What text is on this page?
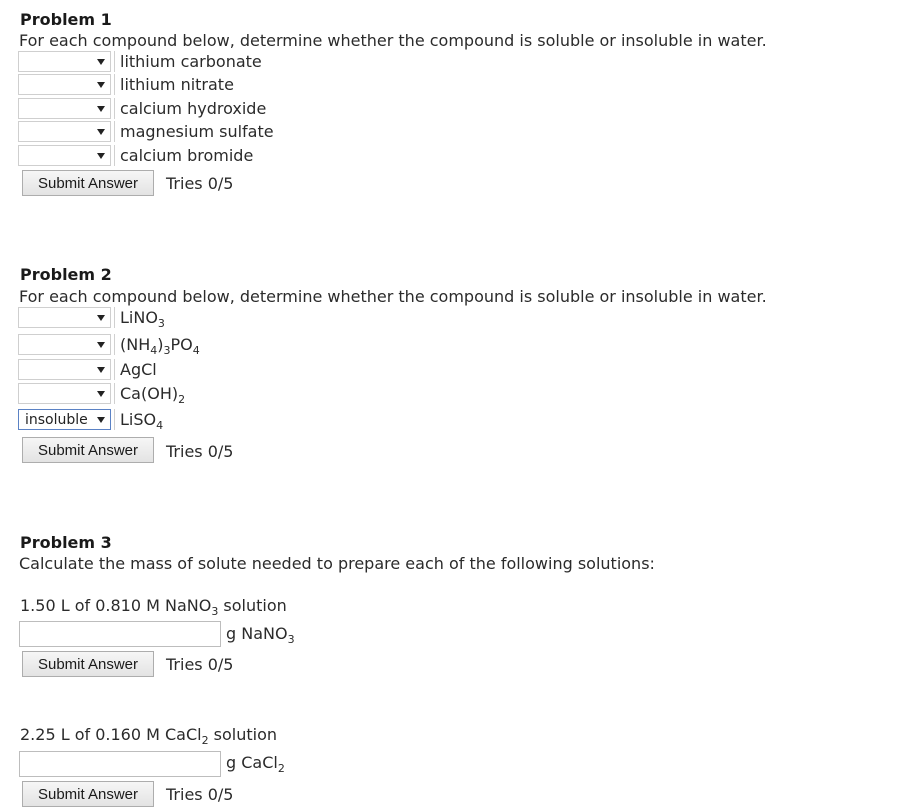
Problem 1
For each compound below, determine whether the compound is soluble or insoluble in water.
lithium carbonate
lithium nitrate
calcium hydroxide
magnesium sulfate
calcium bromide
Submit Answer	Tries 0/5
Problem 2
For each compound below, determine whether the compound is soluble or insoluble in water.
LiNO$_3$
$(NH_4)_3PO_4$
AgCl
$Ca(OH)_2$
insoluble LiSO$_4$
Submit Answer	Tries 0/5
Problem 3
Calculate the mass of solute needed to prepare each of the following solutions:
1.50 L of 0.810 M NaNO$_3$ solution
g NaNO$_3$
Submit Answer	Tries 0/5
2.25 L of 0.160 M CaCl$_2$ solution
g CaCl$_2$
Submit Answer	Tries 0/5
